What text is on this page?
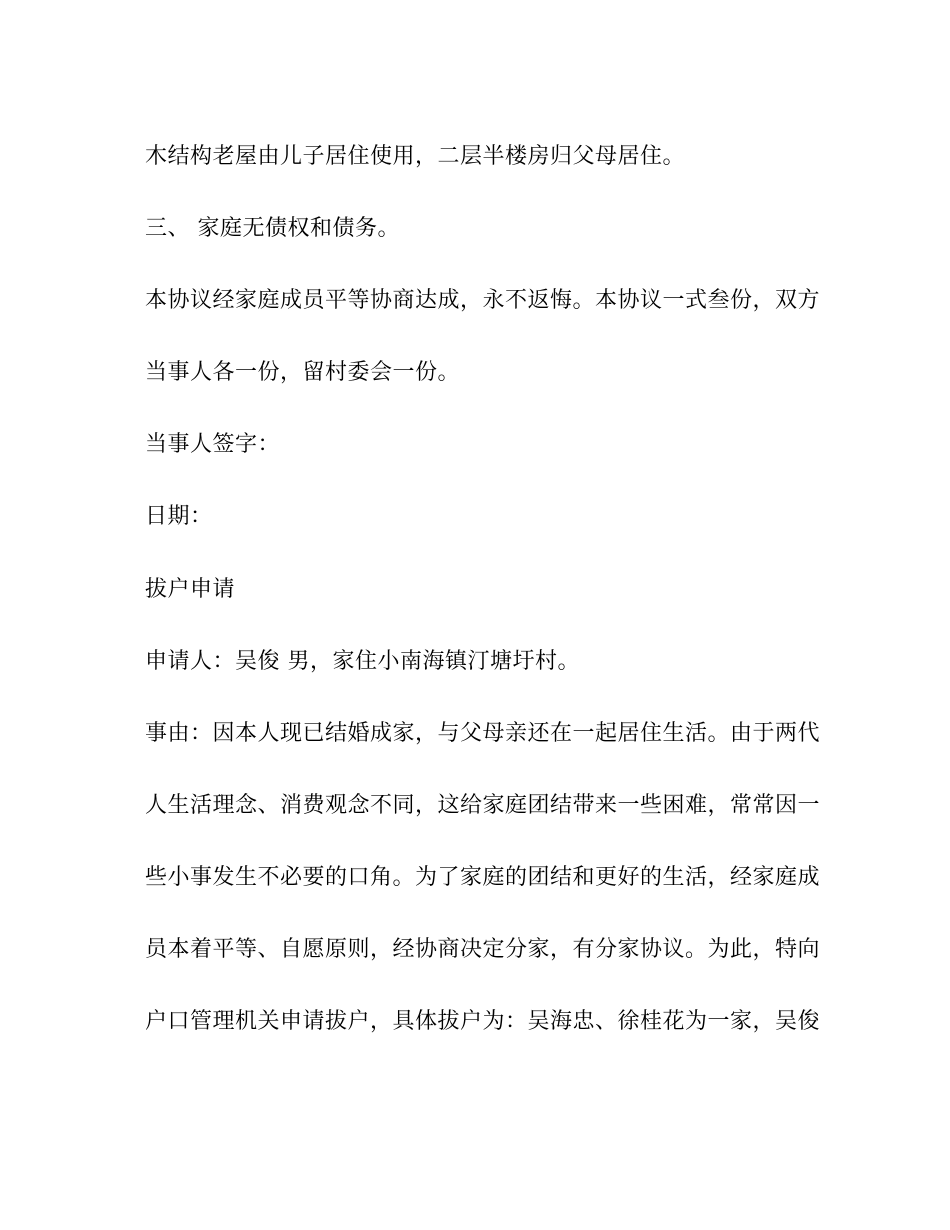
木结构老屋由儿子居住使用，二层半楼房归父母居住。
三、 家庭无债权和债务。
本协议经家庭成员平等协商达成，永不返悔。本协议一式叁份，双方
当事人各一份，留村委会一份。
当事人签字：
日期：
拔户申请
申请人：吴俊 男，家住小南海镇汀塘圩村。
事由：因本人现已结婚成家，与父母亲还在一起居住生活。由于两代
人生活理念、消费观念不同，这给家庭团结带来一些困难，常常因一
些小事发生不必要的口角。为了家庭的团结和更好的生活，经家庭成
员本着平等、自愿原则，经协商决定分家，有分家协议。为此，特向
户口管理机关申请拔户，具体拔户为：吴海忠、徐桂花为一家，吴俊
